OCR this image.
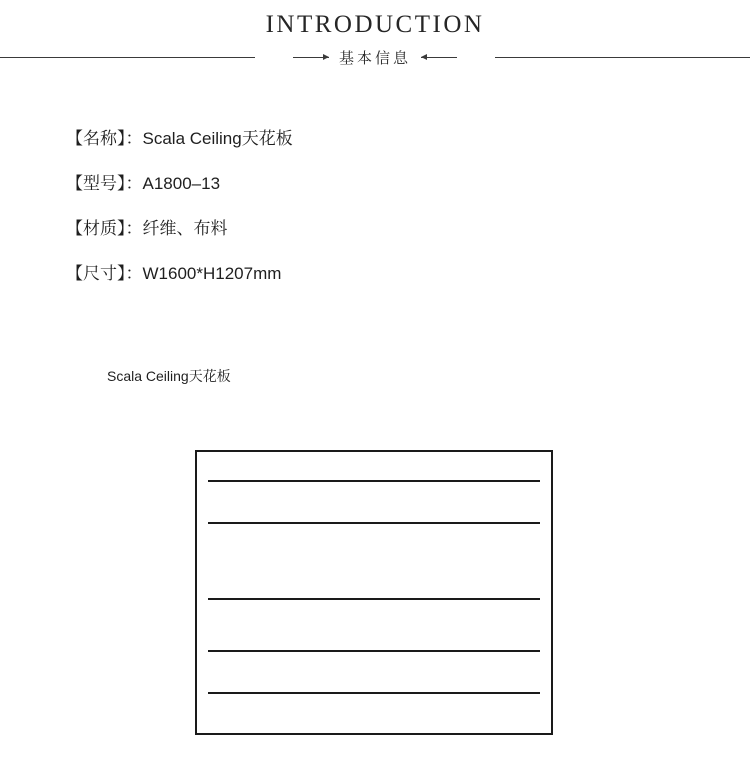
INTRODUCTION
基本信息
【名称】：Scala Ceiling天花板
【型号】：A1800–13
【材质】：纤维、布料
【尺寸】：W1600*H1207mm
Scala Ceiling天花板
